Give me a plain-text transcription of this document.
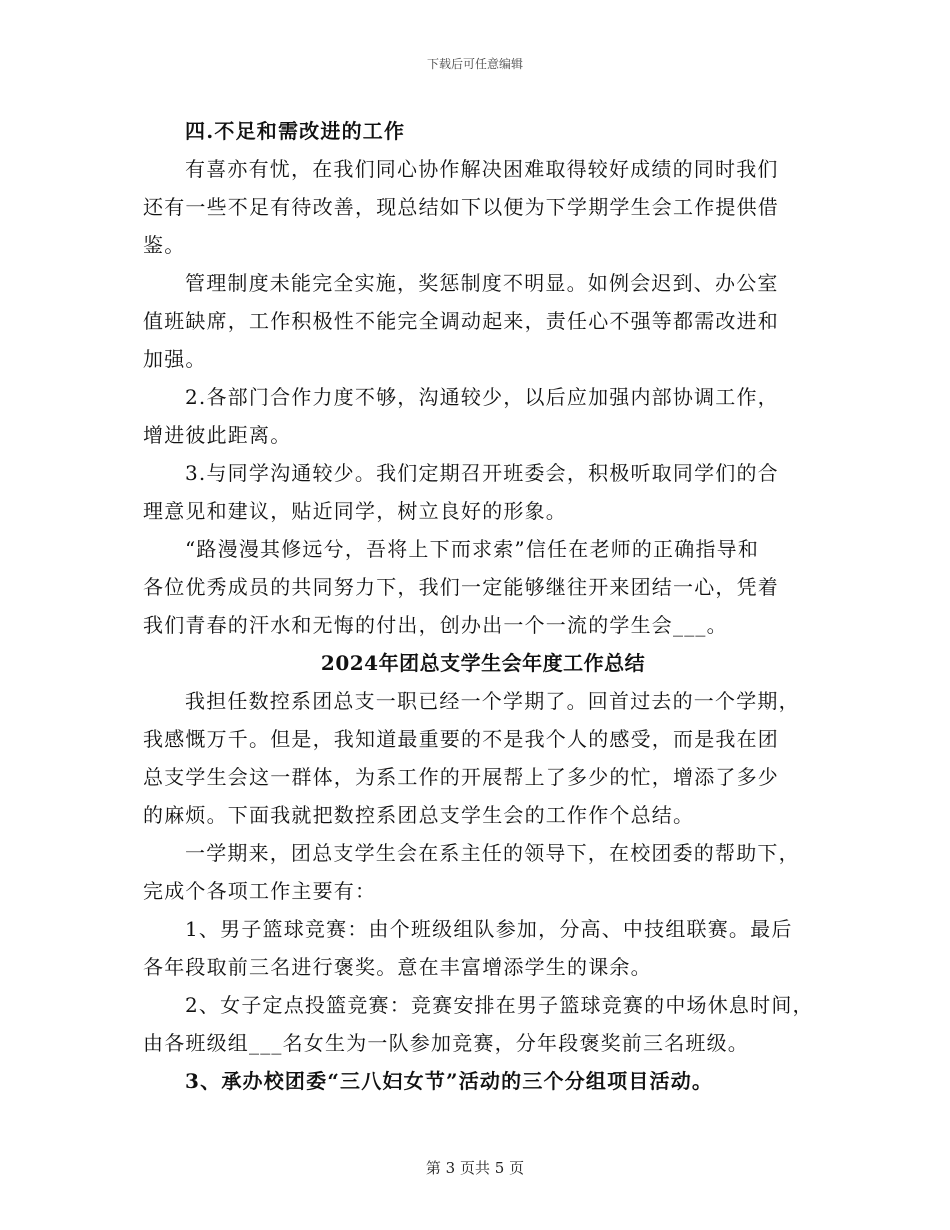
下载后可任意编辑
四.不足和需改进的工作
有喜亦有忧，在我们同心协作解决困难取得较好成绩的同时我们
还有一些不足有待改善，现总结如下以便为下学期学生会工作提供借
鉴。
管理制度未能完全实施，奖惩制度不明显。如例会迟到、办公室
值班缺席，工作积极性不能完全调动起来，责任心不强等都需改进和
加强。
2.各部门合作力度不够，沟通较少，以后应加强内部协调工作，
增进彼此距离。
3.与同学沟通较少。我们定期召开班委会，积极听取同学们的合
理意见和建议，贴近同学，树立良好的形象。
“路漫漫其修远兮，吾将上下而求索”信任在老师的正确指导和
各位优秀成员的共同努力下，我们一定能够继往开来团结一心，凭着
我们青春的汗水和无悔的付出，创办出一个一流的学生会___。
2024年团总支学生会年度工作总结
我担任数控系团总支一职已经一个学期了。回首过去的一个学期，
我感慨万千。但是，我知道最重要的不是我个人的感受，而是我在团
总支学生会这一群体，为系工作的开展帮上了多少的忙，增添了多少
的麻烦。下面我就把数控系团总支学生会的工作作个总结。
一学期来，团总支学生会在系主任的领导下，在校团委的帮助下，
完成个各项工作主要有：
1、男子篮球竞赛：由个班级组队参加，分高、中技组联赛。最后
各年段取前三名进行褒奖。意在丰富增添学生的课余。
2、女子定点投篮竞赛：竞赛安排在男子篮球竞赛的中场休息时间，
由各班级组___名女生为一队参加竞赛，分年段褒奖前三名班级。
3、承办校团委“三八妇女节”活动的三个分组项目活动。
第 3 页共 5 页
